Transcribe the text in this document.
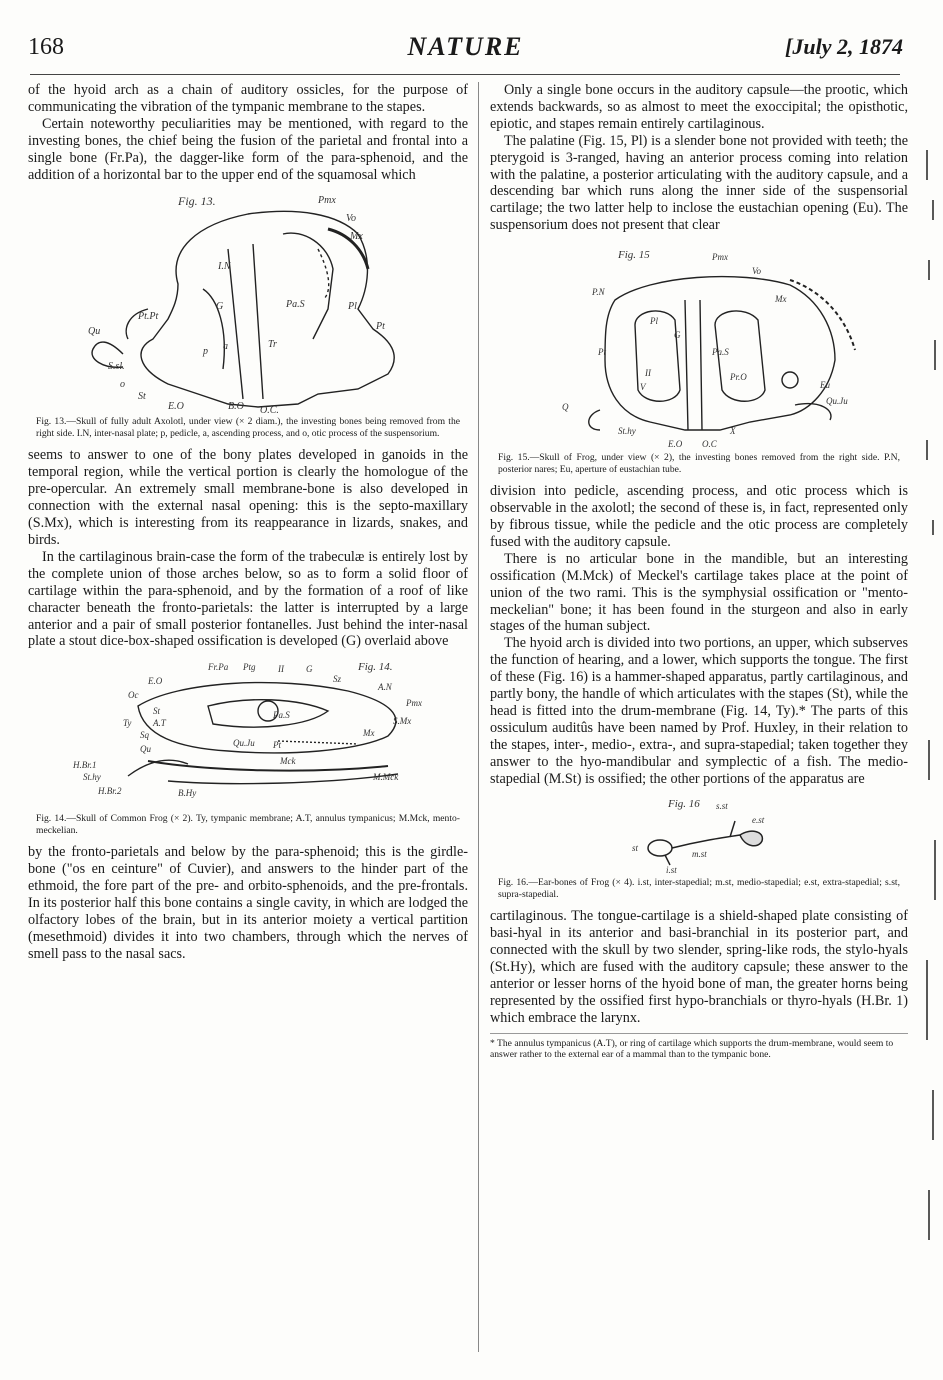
168	NATURE	[July 2, 1874

of the hyoid arch as a chain of auditory ossicles, for the purpose of communicating the vibration of the tympanic membrane to the stapes.

Certain noteworthy peculiarities may be mentioned, with regard to the investing bones, the chief being the fusion of the parietal and frontal into a single bone (Fr.Pa), the dagger-like form of the para-sphenoid, and the addition of a horizontal bar to the upper end of the squamosal which

Fig. 13.	Pmx
Vo
Mx
I.N
Pl
Pt.Pt
Pt
Pa.S
G
Tr
Qu
p a
S.sl.
o
St
E.O	B.O O.C.
Fig. 13.—Skull of fully adult Axolotl, under view (× 2 diam.), the investing bones being removed from the right side. I.N, inter-nasal plate; p, pedicle, a, ascending process, and o, otic process of the suspensorium.

seems to answer to one of the bony plates developed in ganoids in the temporal region, while the vertical portion is clearly the homologue of the pre-opercular. An extremely small membrane-bone is also developed in connection with the external nasal opening: this is the septo-maxillary (S.Mx), which is interesting from its reappearance in lizards, snakes, and birds.

In the cartilaginous brain-case the form of the trabeculæ is entirely lost by the complete union of those arches below, so as to form a solid floor of cartilage within the para-sphenoid, and by the formation of a roof of like character beneath the fronto-parietals: the latter is interrupted by a large anterior and a pair of small posterior fontanelles. Just behind the inter-nasal plate a stout dice-box-shaped ossification is developed (G) overlaid above

Fig. 14.
Fr.Pa Ptg	II G
Sz
E.O
A.N
Oc
St
Pmx
Ty A.T
Pa.S
S.Mx
Sq
Qu.Ju Pt
Mx
Qu
Mck
H.Br.1
St.hy
H.Br.2	B.Hy
M.Mck
Fig. 14.—Skull of Common Frog (× 2). Ty, tympanic membrane; A.T, annulus tympanicus; M.Mck, mento-meckelian.

by the fronto-parietals and below by the para-sphenoid; this is the girdle-bone ("os en ceinture" of Cuvier), and answers to the hinder part of the ethmoid, the fore part of the pre- and orbito-sphenoids, and the pre-frontals. In its posterior half this bone contains a single cavity, in which are lodged the olfactory lobes of the brain, but in its anterior moiety a vertical partition (mesethmoid) divides it into two chambers, through which the nerves of smell pass to the nasal sacs.

Only a single bone occurs in the auditory capsule—the prootic, which extends backwards, so as almost to meet the exoccipital; the opisthotic, epiotic, and stapes remain entirely cartilaginous.

The palatine (Fig. 15, Pl) is a slender bone not provided with teeth; the pterygoid is 3-ranged, having an anterior process coming into relation with the palatine, a posterior articulating with the auditory capsule, and a descending bar which runs along the inner side of the suspensorial cartilage; the two latter help to inclose the eustachian opening (Eu). The suspensorium does not present that clear

Fig. 15	Pmx
Vo
P.N
Mx
Pl
G
Pt	Pa.S
II
V
Pr.O
Eu
Q
Qu.Ju
St.hy	X
E.O O.C
Fig. 15.—Skull of Frog, under view (× 2), the investing bones removed from the right side. P.N, posterior nares; Eu, aperture of eustachian tube.

division into pedicle, ascending process, and otic process which is observable in the axolotl; the second of these is, in fact, represented only by fibrous tissue, while the pedicle and the otic process are completely fused with the auditory capsule.

There is no articular bone in the mandible, but an interesting ossification (M.Mck) of Meckel's cartilage takes place at the point of union of the two rami. This is the symphysial ossification or "mento-meckelian" bone; it has been found in the sturgeon and also in early stages of the human subject.

The hyoid arch is divided into two portions, an upper, which subserves the function of hearing, and a lower, which supports the tongue. The first of these (Fig. 16) is a hammer-shaped apparatus, partly cartilaginous, and partly bony, the handle of which articulates with the stapes (St), while the head is fitted into the drum-membrane (Fig. 14, Ty).* The parts of this ossiculum auditûs have been named by Prof. Huxley, in their relation to the stapes, inter-, medio-, extra-, and supra-stapedial; taken together they answer to the hyo-mandibular and symplectic of a fish. The medio-stapedial (M.St) is ossified; the other portions of the apparatus are

Fig. 16 s.st
e.st
st
m.st
i.st
Fig. 16.—Ear-bones of Frog (× 4). i.st, inter-stapedial; m.st, medio-stapedial; e.st, extra-stapedial; s.st, supra-stapedial.

cartilaginous. The tongue-cartilage is a shield-shaped plate consisting of basi-hyal in its anterior and basi-branchial in its posterior part, and connected with the skull by two slender, spring-like rods, the stylo-hyals (St.Hy), which are fused with the auditory capsule; these answer to the anterior or lesser horns of the hyoid bone of man, the greater horns being represented by the ossified first hypo-branchials or thyro-hyals (H.Br. 1) which embrace the larynx.

* The annulus tympanicus (A.T), or ring of cartilage which supports the drum-membrane, would seem to answer rather to the external ear of a mammal than to the tympanic bone.
